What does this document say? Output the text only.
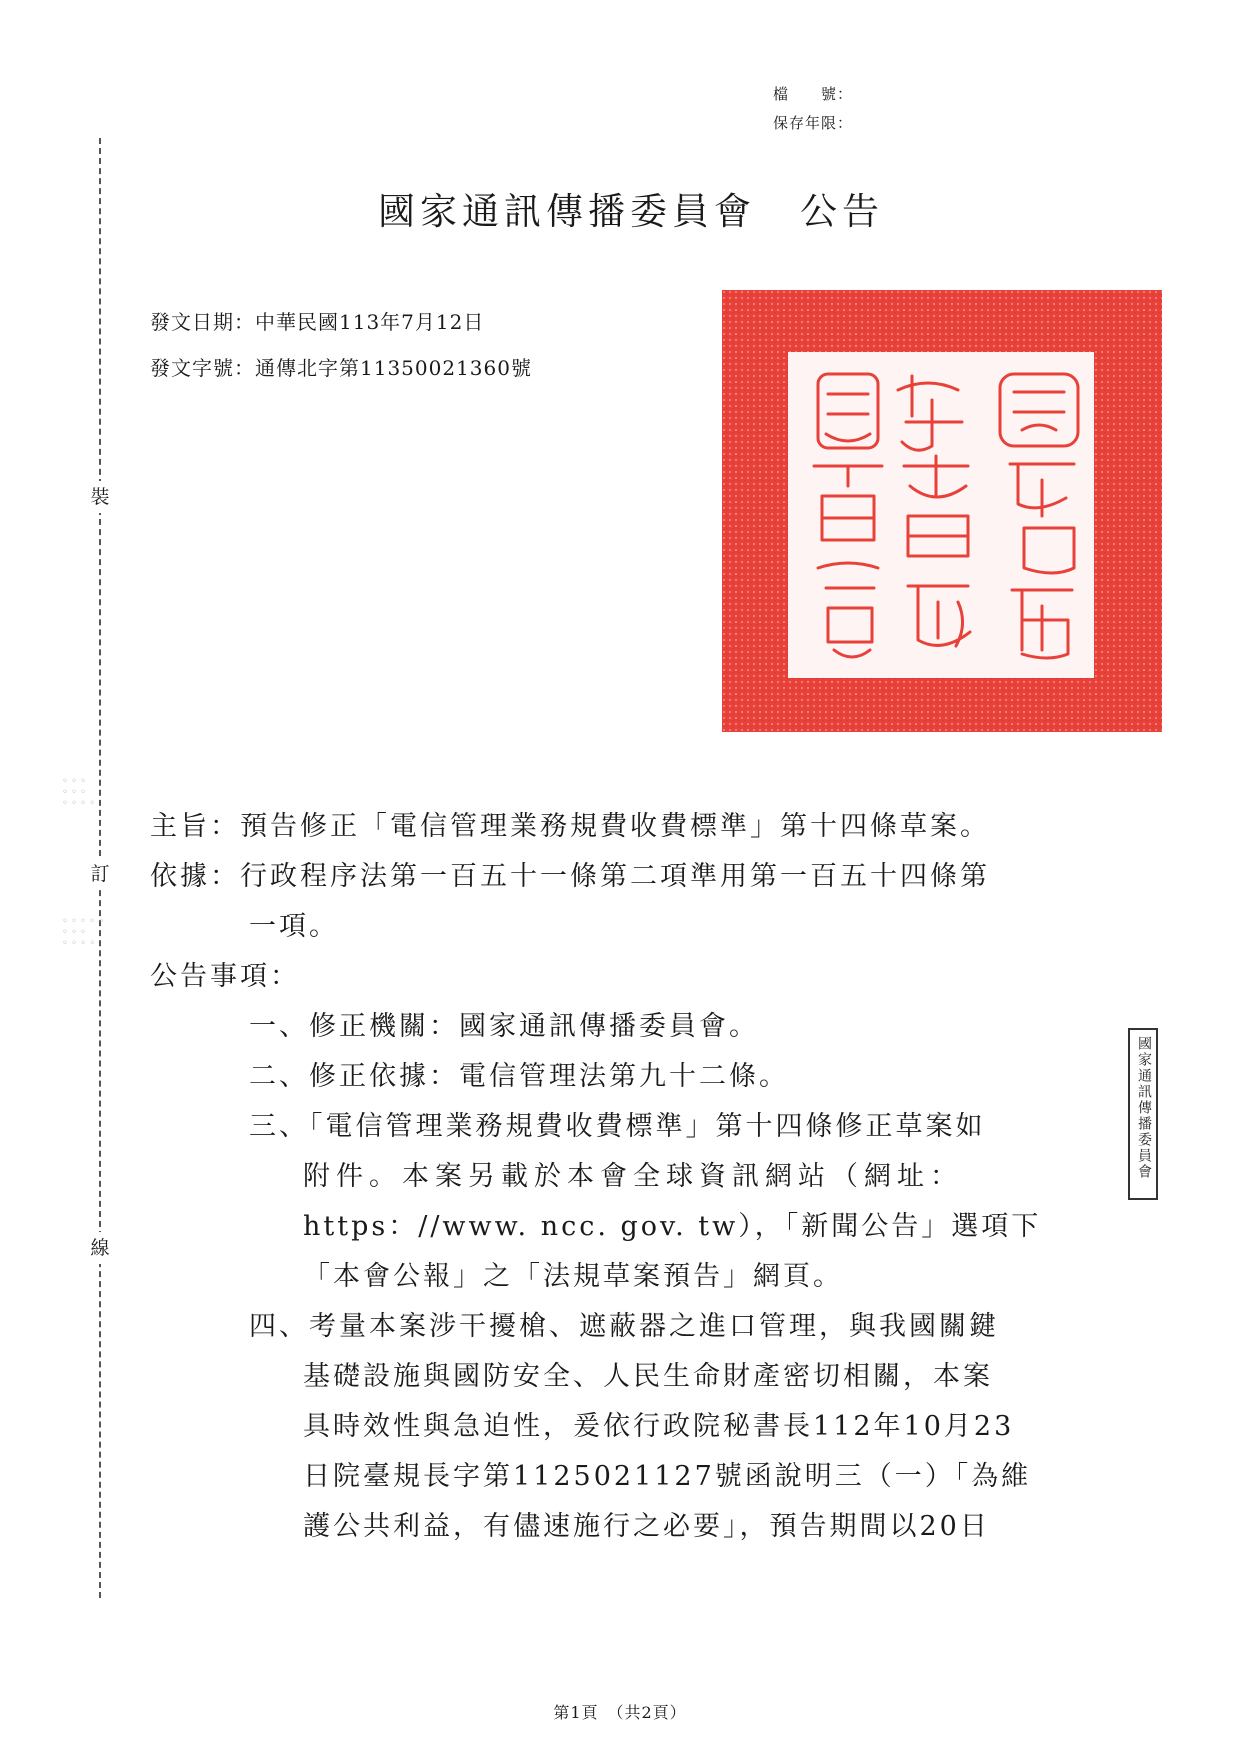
檔　　號：
保存年限：
裝
訂
線
◦ ◦ ◦
◦ ◦ ◦
◦ ◦ ◦ ◦
◦ ◦ ◦ ◦ ◦
◦ ◦ ◦
◦ ◦ ◦ ◦
國家通訊傳播委員會 公告
發文日期：中華民國113年7月12日
發文字號：通傳北字第11350021360號
主旨：預告修正「電信管理業務規費收費標準」第十四條草案。
依據：行政程序法第一百五十一條第二項準用第一百五十四條第
一項。
公告事項：
一、修正機關：國家通訊傳播委員會。
二、修正依據：電信管理法第九十二條。
三、「電信管理業務規費收費標準」第十四條修正草案如
附件。本案另載於本會全球資訊網站（網址：
https：//www. ncc. gov. tw），「新聞公告」選項下
「本會公報」之「法規草案預告」網頁。
四、考量本案涉干擾槍、遮蔽器之進口管理，與我國關鍵
基礎設施與國防安全、人民生命財產密切相關，本案
具時效性與急迫性，爰依行政院秘書長112年10月23
日院臺規長字第1125021127號函說明三（一）「為維
護公共利益，有儘速施行之必要」，預告期間以20日
國家通訊傳播委員會
第1頁　（共2頁）
